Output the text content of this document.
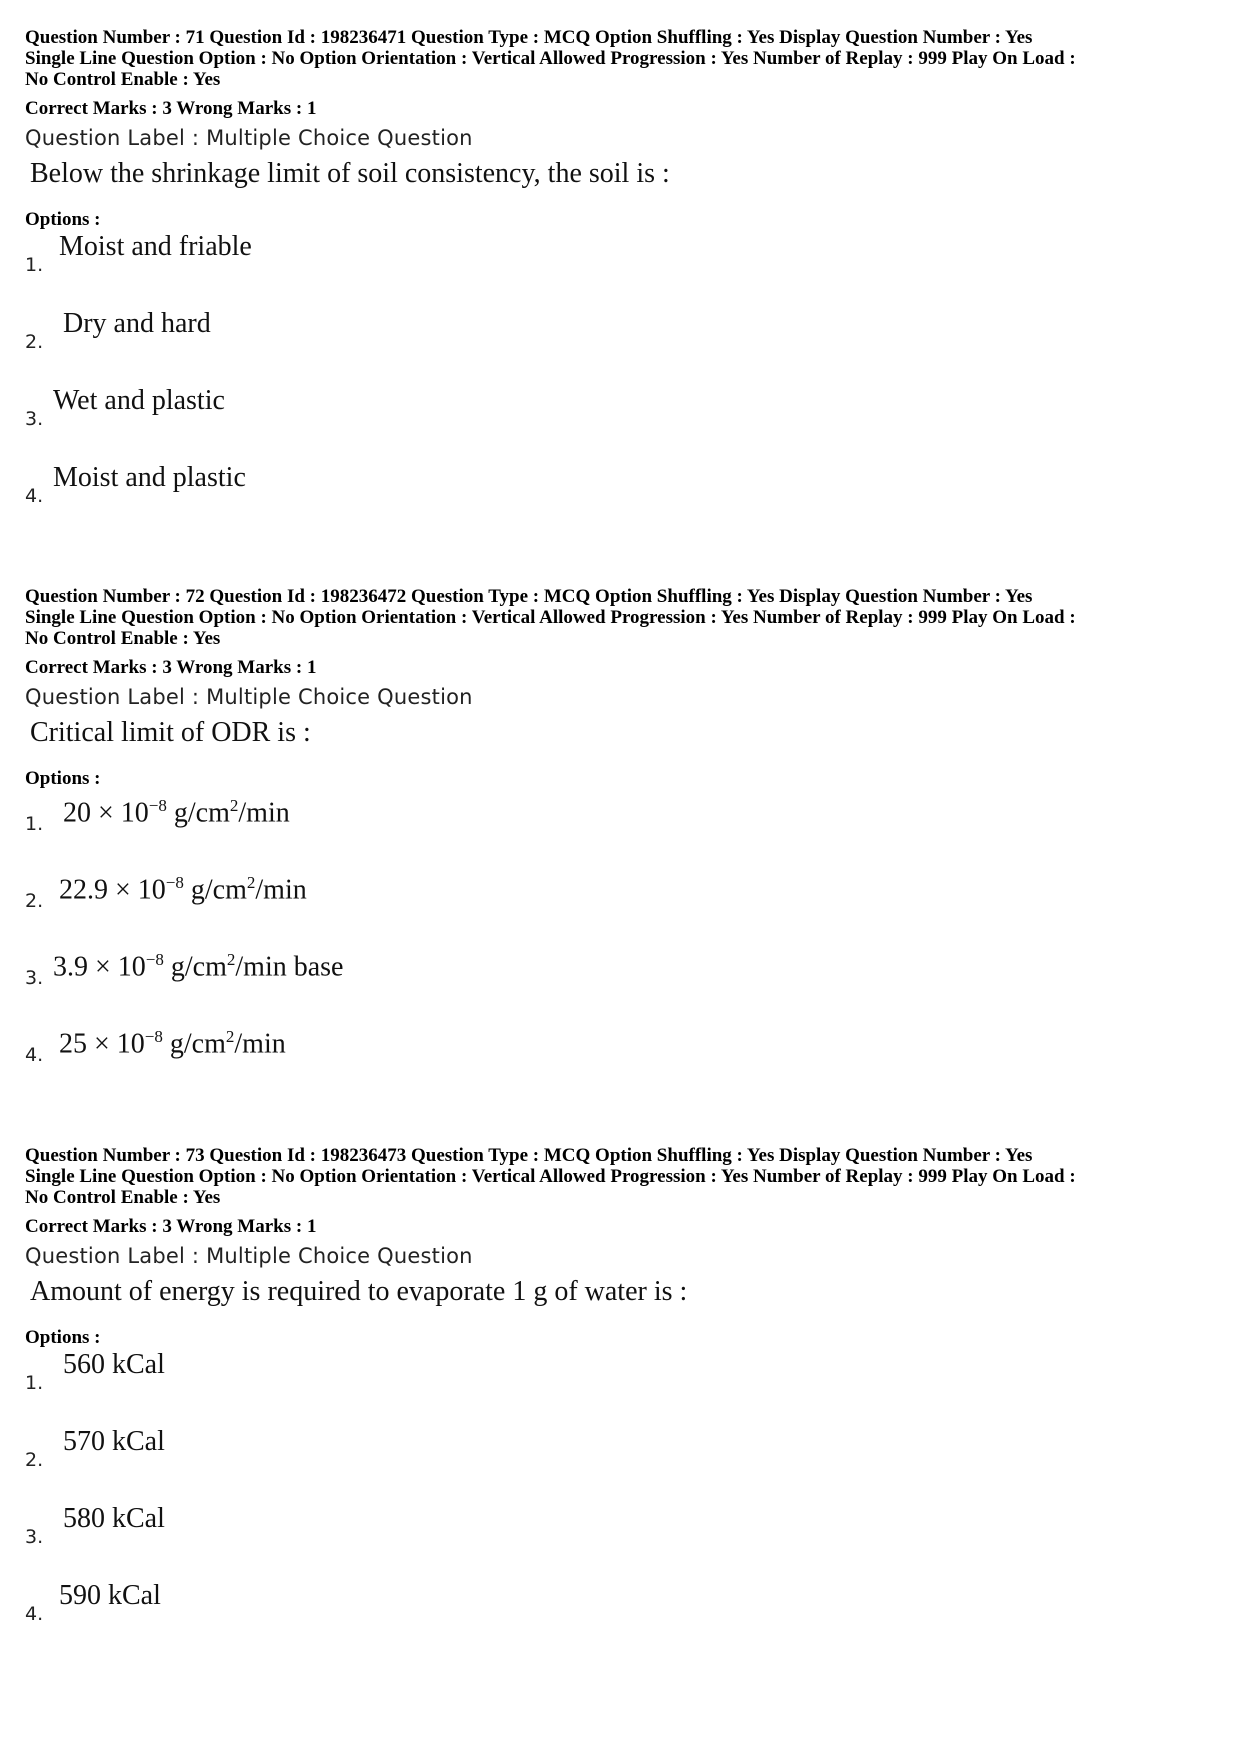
Question Number : 71 Question Id : 198236471 Question Type : MCQ Option Shuffling : Yes Display Question Number : Yes
Single Line Question Option : No Option Orientation : Vertical Allowed Progression : Yes Number of Replay : 999 Play On Load :
No Control Enable : Yes
Correct Marks : 3 Wrong Marks : 1
Question Label : Multiple Choice Question
Below the shrinkage limit of soil consistency, the soil is :
Options :
1.
Moist and friable
2.
Dry and hard
3.
Wet and plastic
4.
Moist and plastic
Question Number : 72 Question Id : 198236472 Question Type : MCQ Option Shuffling : Yes Display Question Number : Yes
Single Line Question Option : No Option Orientation : Vertical Allowed Progression : Yes Number of Replay : 999 Play On Load :
No Control Enable : Yes
Correct Marks : 3 Wrong Marks : 1
Question Label : Multiple Choice Question
Critical limit of ODR is :
Options :
1. $20 \times 10^{-8}$ $g/cm^2/\min$
2. $22.9 \times 10^{-8}$ $g/cm^2/\min$
3. $3.9 \times 10^{-8}$ $g/cm^2/\min$ base
4. $25 \times 10^{-8}$ $g/cm^2/\min$
Question Number : 73 Question Id : 198236473 Question Type : MCQ Option Shuffling : Yes Display Question Number : Yes
Single Line Question Option : No Option Orientation : Vertical Allowed Progression : Yes Number of Replay : 999 Play On Load :
No Control Enable : Yes
Correct Marks : 3 Wrong Marks : 1
Question Label : Multiple Choice Question
Amount of energy is required to evaporate 1 g of water is :
Options :
1.
560 kCal
2.
570 kCal
3.
580 kCal
4.
590 kCal
